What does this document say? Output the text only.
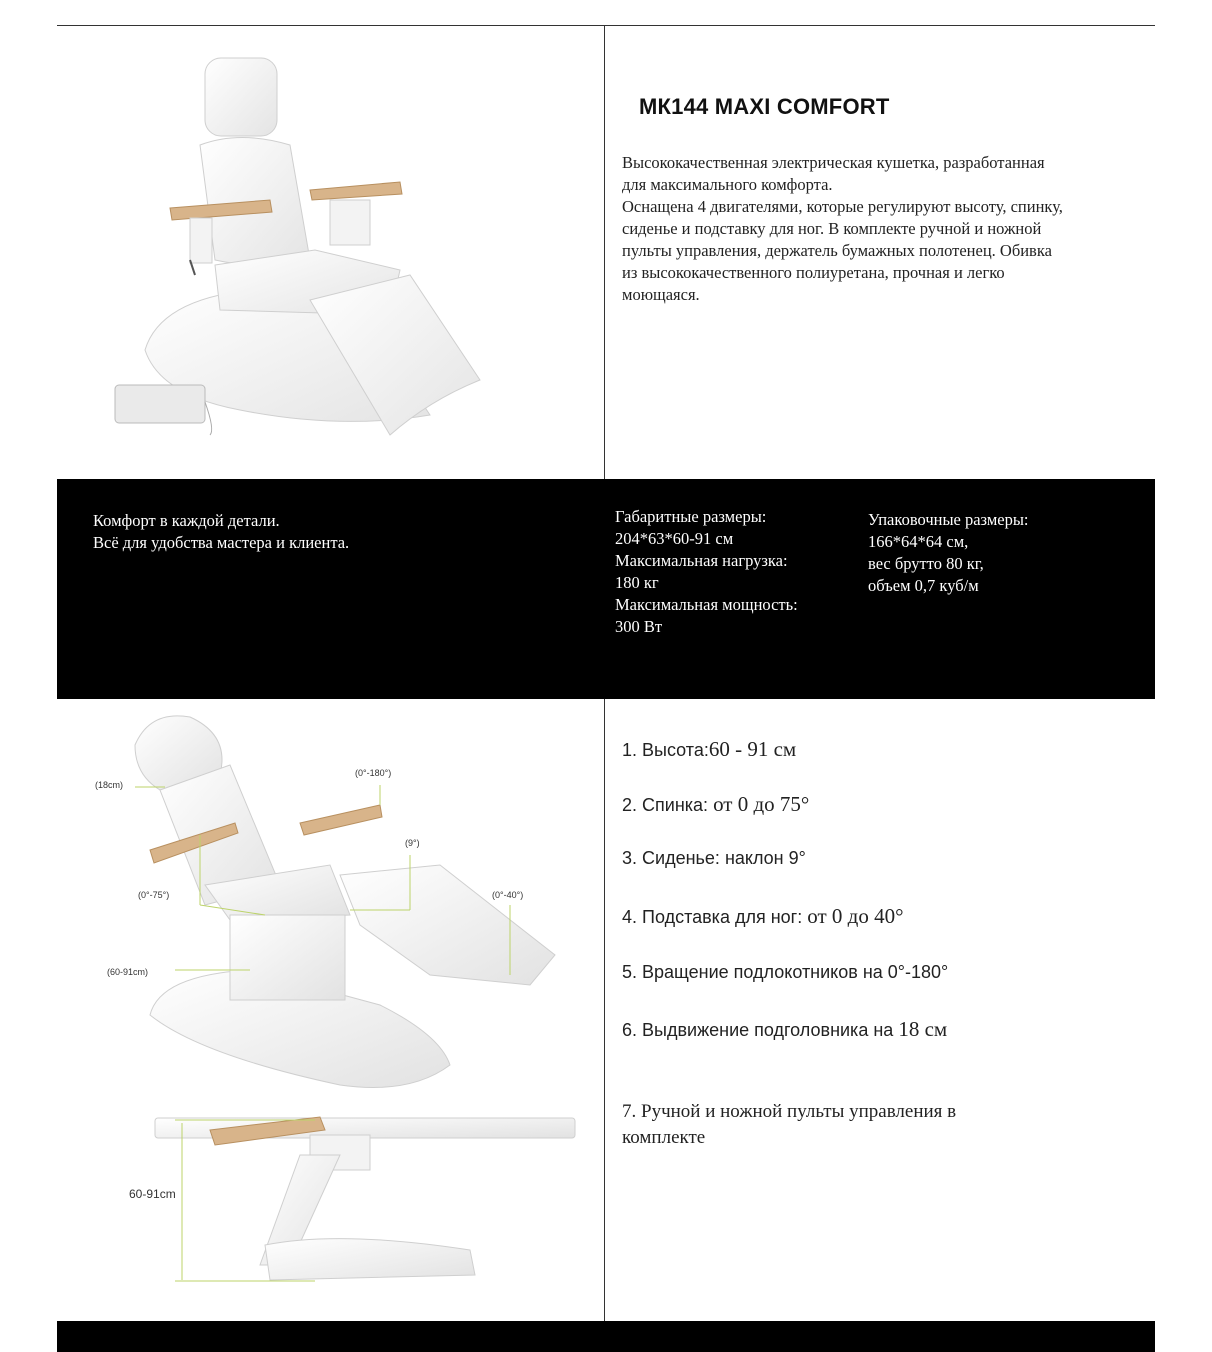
МК144 MAXI COMFORT
Высококачественная электрическая кушетка, разработанная
для максимального комфорта.
Оснащена 4 двигателями, которые регулируют высоту, спинку,
сиденье и подставку для ног. В комплекте ручной и ножной
пульты управления, держатель бумажных полотенец. Обивка
из высококачественного полиуретана, прочная и легко
моющаяся.
Комфорт в каждой детали.
Всё для удобства мастера и клиента.
Габаритные размеры:
204*63*60-91 см
Максимальная нагрузка:
180 кг
Максимальная мощность:
300 Вт
Упаковочные размеры:
166*64*64 см,
вес брутто 80 кг,
объем 0,7 куб/м
(18cm)
(0°-180°)
(9°)
(0°-75°)	(0°-40°)
(60-91cm)
60-91cm
1. Высота:60 - 91 см
2. Спинка: от 0 до 75°
3. Сиденье: наклон 9°
4. Подставка для ног: от 0 до 40°
5. Вращение подлокотников на 0°-180°
6. Выдвижение подголовника на 18 см

7. Ручной и ножной пульты управления в
комплекте
